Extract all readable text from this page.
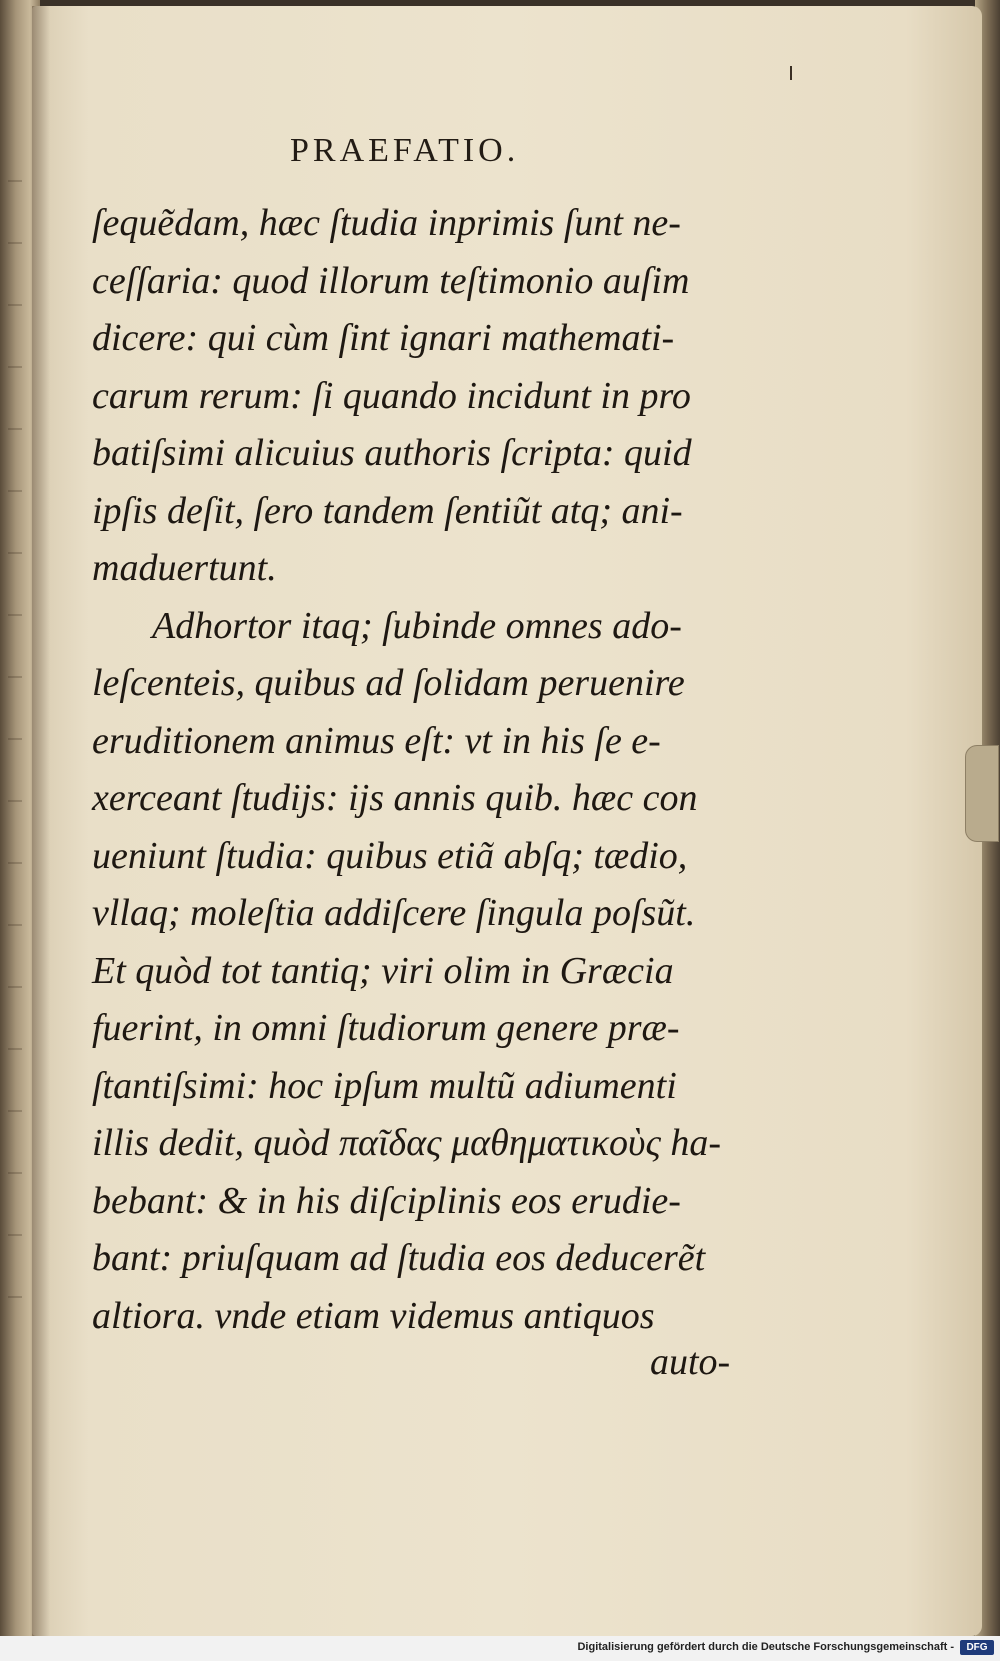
PRAEFATIO.
ſequẽdam, hæc ſtudia inprimis ſunt ne-
ceſſaria: quod illorum teſtimonio auſim
dicere: qui cùm ſint ignari mathemati-
carum rerum: ſi quando incidunt in pro
batiſsimi alicuius authoris ſcripta: quid
ipſis deſit, ſero tandem ſentiũt atq; ani-
maduertunt.
Adhortor itaq; ſubinde omnes ado-
leſcenteis, quibus ad ſolidam peruenire
eruditionem animus eſt: vt in his ſe e-
xerceant ſtudijs: ijs annis quib. hæc con
ueniunt ſtudia: quibus etiã abſq; tædio,
vllaq; moleſtia addiſcere ſingula poſsũt.
Et quòd tot tantiq; viri olim in Græcia
fuerint, in omni ſtudiorum genere præ-
ſtantiſsimi: hoc ipſum multũ adiumenti
illis dedit, quòd παῖδας μαθηματικοὺς ha-
bebant: & in his diſciplinis eos erudie-
bant: priuſquam ad ſtudia eos deducerẽt
altiora. vnde etiam videmus antiquos
auto-
Digitalisierung gefördert durch die Deutsche Forschungsgemeinschaft -	DFG
